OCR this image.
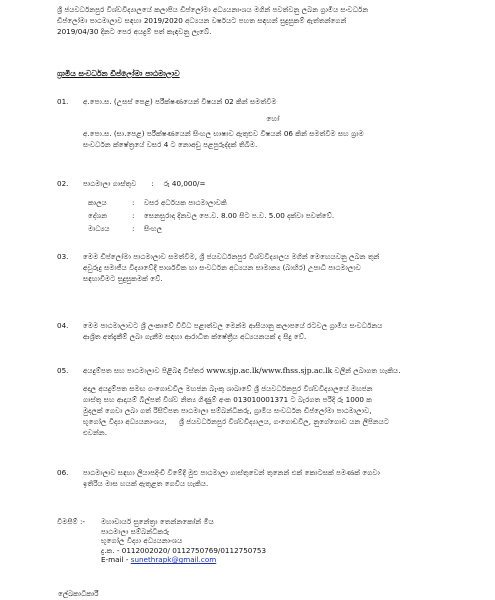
ශ්‍රී ජයවර්ධනපුර විශ්වවිද්‍යාලයේ කලාපීය ඩිප්ලෝමා අධ්‍යයනාංශය මගින් පවත්වනු ලබන ග්‍රාමීය සංවර්ධන

ඩිප්ලෝමා පාඨමාලාව සඳහා 2019/2020 අධ්‍යයන වර්ෂයට පහත සඳහන් සුදුසුකම් ඇත්තන්ගෙන්

2019/04/30 දිනට පෙර අයදුම් පත් කැඳවනු ලැබේ.

ග්‍රාමීය සංවර්ධන ඩිප්ලෝමා පාඨමාලාව
01. අ.පො.ස. (උසස් පෙළ) පරීක්ෂණයෙන් විෂයන් 02 කින් සමත්වීම

හෝ

අ.පො.ස. (සා.පෙළ) පරීක්ෂණයෙන් සිංහල භාෂාව ඇතුළුව විෂයන් 06 කින් සමත්වීම සහ ග්‍රාම

සංවර්ධන ක්ෂේත්‍රයේ වසර 4 ට නොඅඩු පළපුරුද්දක් තිබීම.

02. පාඨමාලා ගාස්තුව : රු 40,000/=
කාලය	: වසර අර්ධයක පාඨමාලාවකි
දේශන	: සෙනසුරාදා දිනවල පෙ.ව. 8.00 සිට ප.ව. 5.00 දක්වා පවත්වේ.
මාධ්‍යය	: සිංහල
03. මෙම ඩිප්ලෝමා පාඨමාලාව සමත්වීම, ශ්‍රී ජයවර්ධනපුර විශ්වවිද්‍යාලය මගින් මෙහෙයවනු ලබන තුන්

අවුරුදු සමාජීය විද්‍යාවේදී පාර්ශවික හා සංවර්ධන අධ්‍යයන සාමාන්‍ය (බාහිර) උපාධි පාඨමාලාව

සඳහාවිමට සුදුසුකමක් වේ.

04. මෙම පාඨමාලාවට ශ්‍රී ලංකාවේ විවිධ පළාත්වල මෙන්ම ආසියානු කලාපයේ රටවල ග්‍රාමීය සංවර්ධනය

ආශ්‍රිත අත්දැකීම් ලබා ගැනීම සඳහා ආරාධිත ක්ෂේත්‍රීය අධ්‍යයනයක් ද සිදු වේ.

05. අයදුම්පත සහ පාඨමාලාව පිළිබඳ විස්තර www.sjp.ac.lk/www.fhss.sjp.ac.lk වලින් ලබාගත හැකිය.

අදාල අයදුම්පත සමඟ ගංගොඩවිල මහජන බැංකු ශාඛාවේ ශ්‍රී ජයවර්ධනපුර විශ්වවිද්‍යාලයේ මහජන

ගාස්තු සහ ආදායම් බිල්පත් විශ්ව නිත්‍ය ගිණුම් අංක 013010001371 ට බැරගත පරිදි රු 1000 ක

මුදලක් ගෙවා ලබා ගත් රිසිට්පත පාඨමාලා සම්බන්ධීකරු, ග්‍රාමීය සංවර්ධන ඩිප්ලෝමා පාඨමාලාව,

භූගෝල විද්‍යා අධ්‍යයනාංශය, ශ්‍රී ජයවර්ධනපුර විශ්වවිද්‍යාලය, ගංගොඩවිල, නුගේගොඩ යන ලිපිනයට

එවන්න.

06. පාඨමාලාව සඳහා ලියාපදිංචි වීමේදී මුළු පාඨමාලා ගාස්තුවෙන් තුනෙන් එක් කොටසක් පමණක් ගෙවා

ඉතිරිය මාස හයක් ඇතුළත ගෙවිය හැකිය.

විමසීම් :- මහාචාර්ය සුනේත්‍රා තෙන්නකෝන් මිය
පාඨමාලා සම්බන්ධීකරු
භූගෝල විද්‍යා අධ්‍යයනාංශය
දු.ක. - 0112002020/ 0112750769/0112750753
E-mail - sunethrapk@gmail.com
ලේඛකාධිකාරී
